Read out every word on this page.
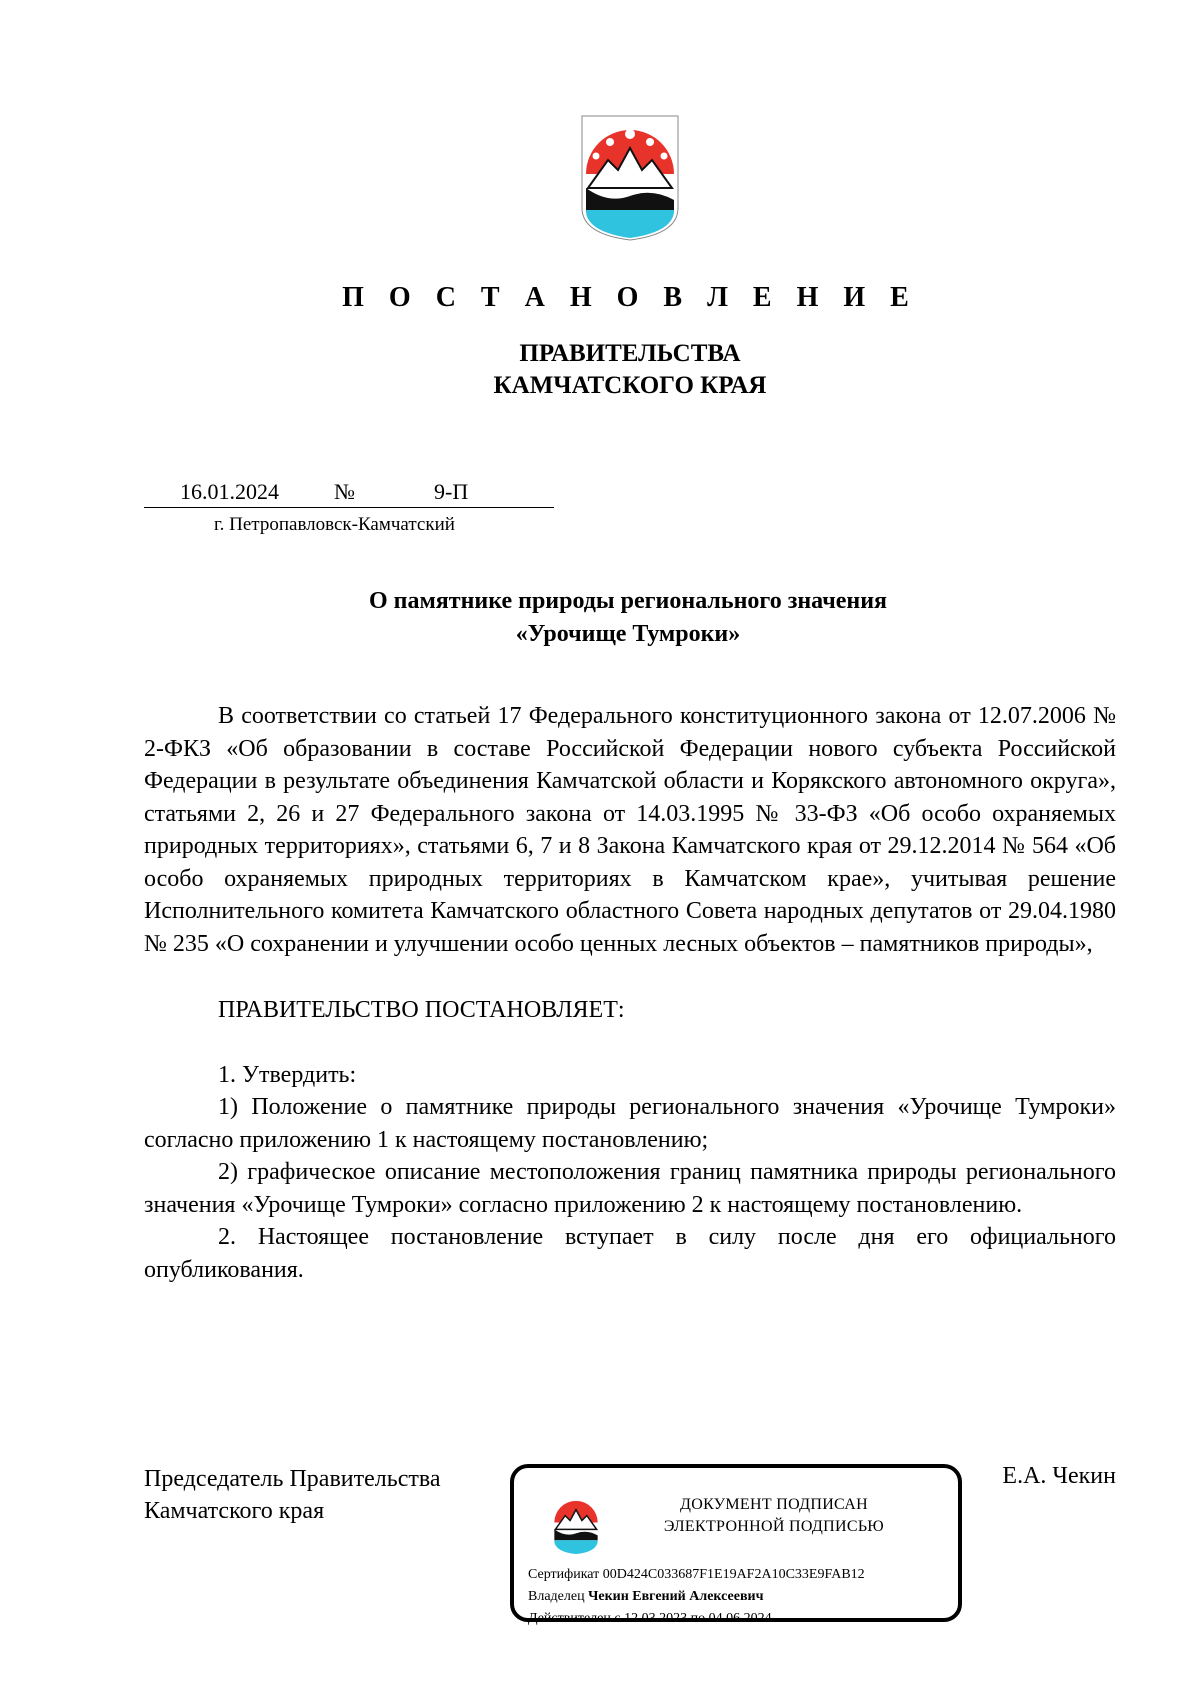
П О С Т А Н О В Л Е Н И Е
ПРАВИТЕЛЬСТВА
КАМЧАТСКОГО КРАЯ
16.01.2024	№	9-П
г. Петропавловск-Камчатский
О памятнике природы регионального значения
«Урочище Тумроки»

В соответствии со статьей 17 Федерального конституционного закона от 12.07.2006 № 2-ФКЗ «Об образовании в составе Российской Федерации нового субъекта Российской Федерации в результате объединения Камчатской области и Корякского автономного округа», статьями 2, 26 и 27 Федерального закона от 14.03.1995 № 33-ФЗ «Об особо охраняемых природных территориях», статьями 6, 7 и 8 Закона Камчатского края от 29.12.2014 № 564 «Об особо охраняемых природных территориях в Камчатском крае», учитывая решение Исполнительного комитета Камчатского областного Совета народных депутатов от 29.04.1980 № 235 «О сохранении и улучшении особо ценных лесных объектов – памятников природы»,

ПРАВИТЕЛЬСТВО ПОСТАНОВЛЯЕТ:

1. Утвердить:

1) Положение о памятнике природы регионального значения «Урочище Тумроки» согласно приложению 1 к настоящему постановлению;

2) графическое описание местоположения границ памятника природы регионального значения «Урочище Тумроки» согласно приложению 2 к настоящему постановлению.

2. Настоящее постановление вступает в силу после дня его официального опубликования.

Председатель Правительства
Камчатского края
Е.А. Чекин
ДОКУМЕНТ ПОДПИСАН
ЭЛЕКТРОННОЙ ПОДПИСЬЮ
Сертификат 00D424C033687F1E19AF2A10C33E9FAB12
Владелец Чекин Евгений Алексеевич
Действителен с 12.03.2023 по 04.06.2024
